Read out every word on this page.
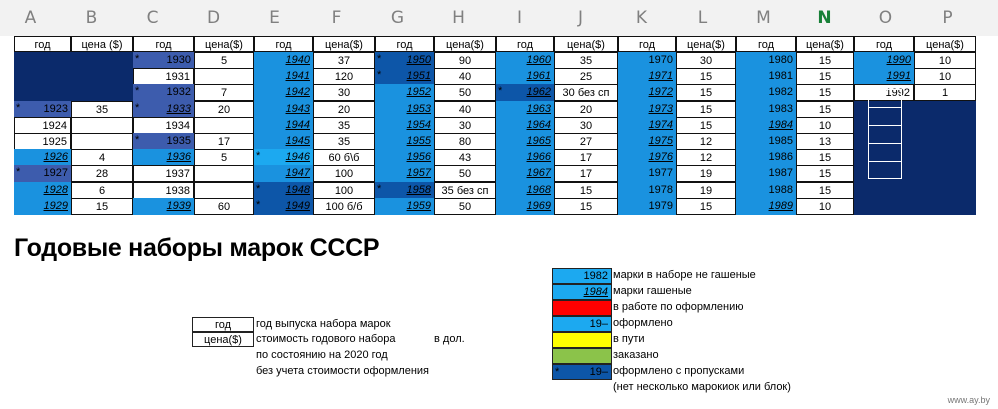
A	B	C	D	E	F	G	H	I	J	K	L	M	N	O	P
год	цена ($)
* 1923	35
1924
1925
1926	4
* 1927	28
1928	6
1929	15
год	цена($)
* 1930	5
1931
* 1932	7
* 1933	20
1934
* 1935	17
1936	5
1937
1938
1939	60
год	цена($)
1940	37
1941	120
1942	30
1943	20
1944	35
1945	35
* 1946	60 б\б
1947	100
* 1948	100
* 1949	100 б/б
год	цена($)
* 1950	90
* 1951	40
1952	50
1953	40
1954	30
1955	80
1956	43
1957	50
* 1958 35 без сп
1959	50
год	цена($)
1960	35
1961	25
* 1962	30 без сп
1963	20
1964	30
1965	27
1966	17
1967	17
1968	15
1969	15
год	цена($)
1970	30
1971	15
1972	15
1973	15
1974	15
1975	12
1976	12
1977	19
1978	19
1979	15
год	цена($)
1980	15
1981	15
1982	15
1983	15
1984	10
1985	13
1986	15
1987	15
1988	15
1989	10
год	цена($)
1990	10
1991	10
1992	1
Годовые наборы марок СССР
год	год выпуска набора марок
цена($)	стоимость годового набора	в дол.
по состоянию на 2020 год
без учета стоимости оформления
1982 марки в наборе не гашеные
1984 марки гашеные
в работе по оформлению
19– оформлено
в пути
заказано
*	19– оформлено с пропусками
(нет несколько марокиок или блок)
www.ay.by
